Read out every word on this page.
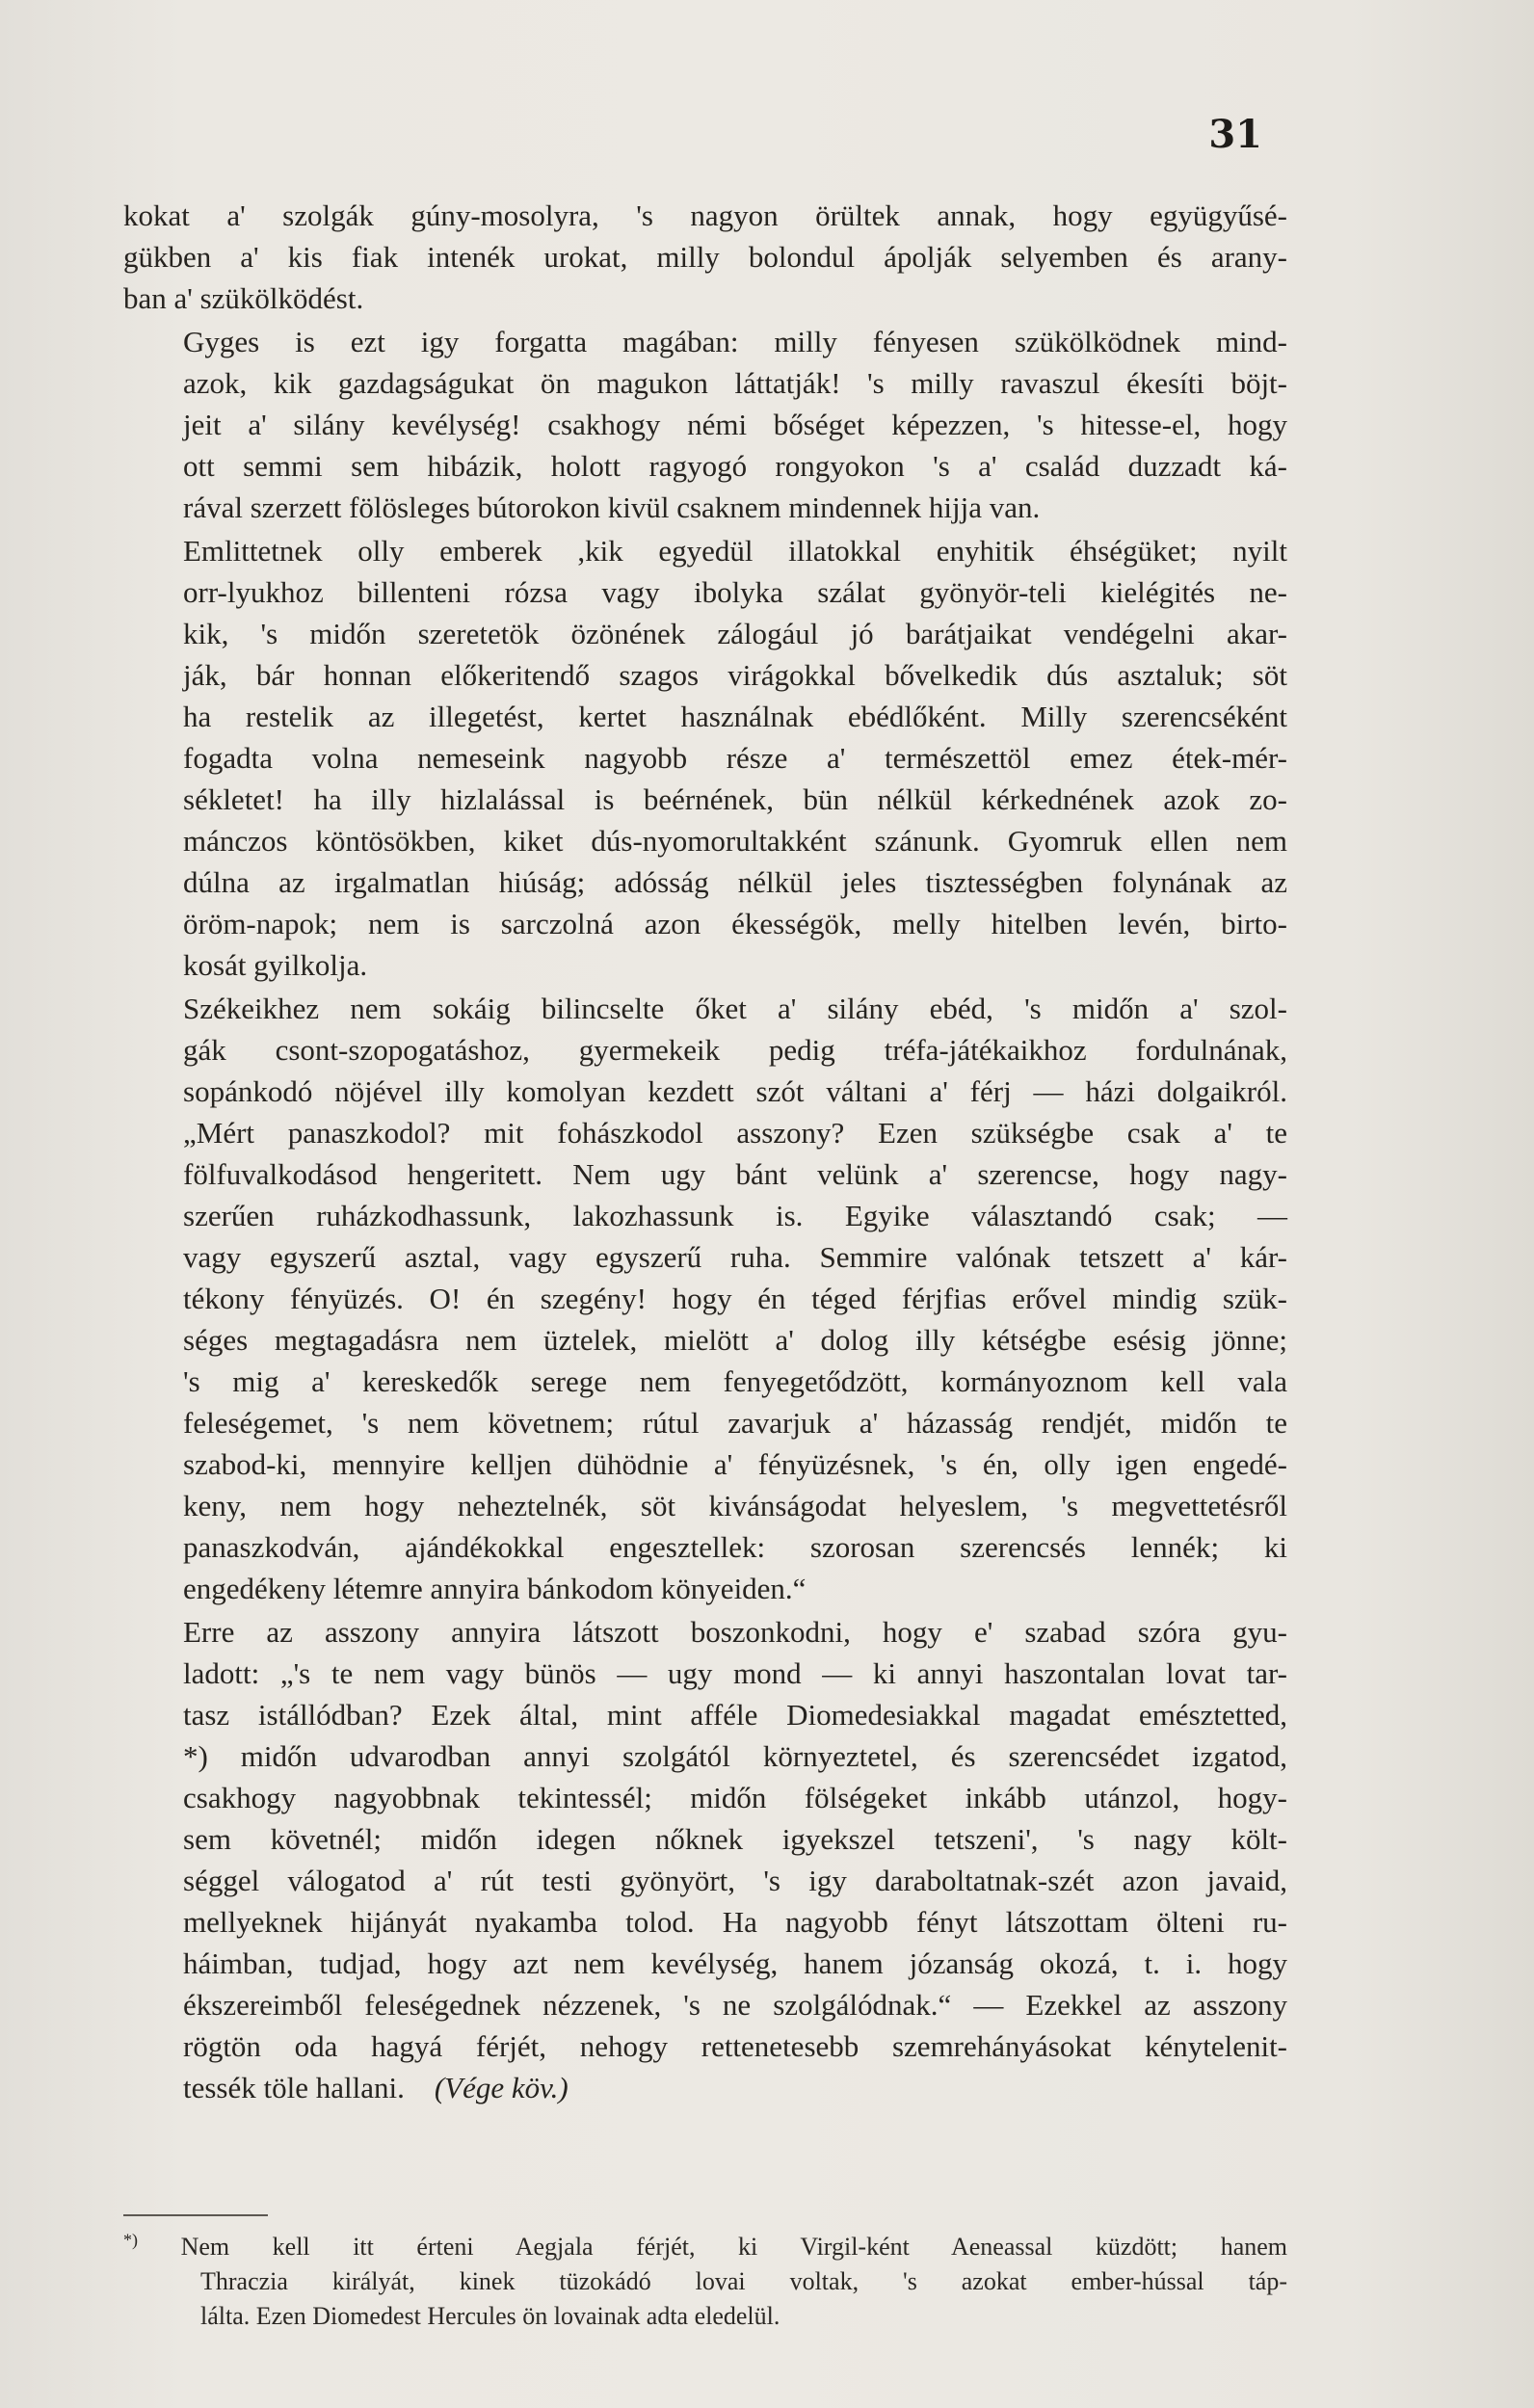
31
kokat a' szolgák gúny-mosolyra, 's nagyon örültek annak, hogy együgyűsé-
gükben a' kis fiak intenék urokat, milly bolondul ápolják selyemben és arany-
ban a' szükölködést.
Gyges is ezt igy forgatta magában: milly fényesen szükölködnek mind-
azok, kik gazdagságukat ön magukon láttatják! 's milly ravaszul ékesíti böjt-
jeit a' silány kevélység! csakhogy némi bőséget képezzen, 's hitesse-el, hogy
ott semmi sem hibázik, holott ragyogó rongyokon 's a' család duzzadt ká-
rával szerzett fölösleges bútorokon kivül csaknem mindennek hijja van.
Emlittetnek olly emberek ,kik egyedül illatokkal enyhitik éhségüket; nyilt
orr-lyukhoz billenteni rózsa vagy ibolyka szálat gyönyör-teli kielégités ne-
kik, 's midőn szeretetök özönének zálogául jó barátjaikat vendégelni akar-
ják, bár honnan előkeritendő szagos virágokkal bővelkedik dús asztaluk; söt
ha restelik az illegetést, kertet használnak ebédlőként. Milly szerencséként
fogadta volna nemeseink nagyobb része a' természettöl emez étek-mér-
sékletet! ha illy hizlalással is beérnének, bün nélkül kérkednének azok zo-
mánczos köntösökben, kiket dús-nyomorultakként szánunk. Gyomruk ellen nem
dúlna az irgalmatlan hiúság; adósság nélkül jeles tisztességben folynának az
öröm-napok; nem is sarczolná azon ékességök, melly hitelben levén, birto-
kosát gyilkolja.
Székeikhez nem sokáig bilincselte őket a' silány ebéd, 's midőn a' szol-
gák csont-szopogatáshoz, gyermekeik pedig tréfa-játékaikhoz fordulnának,
sopánkodó nöjével illy komolyan kezdett szót váltani a' férj — házi dolgaikról.
„Mért panaszkodol? mit fohászkodol asszony? Ezen szükségbe csak a' te
fölfuvalkodásod hengeritett. Nem ugy bánt velünk a' szerencse, hogy nagy-
szerűen ruházkodhassunk, lakozhassunk is. Egyike választandó csak; —
vagy egyszerű asztal, vagy egyszerű ruha. Semmire valónak tetszett a' kár-
tékony fényüzés. O! én szegény! hogy én téged férjfias erővel mindig szük-
séges megtagadásra nem üztelek, mielött a' dolog illy kétségbe esésig jönne;
's mig a' kereskedők serege nem fenyegetődzött, kormányoznom kell vala
feleségemet, 's nem követnem; rútul zavarjuk a' házasság rendjét, midőn te
szabod-ki, mennyire kelljen dühödnie a' fényüzésnek, 's én, olly igen engedé-
keny, nem hogy neheztelnék, söt kivánságodat helyeslem, 's megvettetésről
panaszkodván, ajándékokkal engesztellek: szorosan szerencsés lennék; ki
engedékeny létemre annyira bánkodom könyeiden.“
Erre az asszony annyira látszott boszonkodni, hogy e' szabad szóra gyu-
ladott: „'s te nem vagy bünös — ugy mond — ki annyi haszontalan lovat tar-
tasz istállódban? Ezek által, mint afféle Diomedesiakkal magadat emésztetted,
*) midőn udvarodban annyi szolgától környeztetel, és szerencsédet izgatod,
csakhogy nagyobbnak tekintessél; midőn fölségeket inkább utánzol, hogy-
sem követnél; midőn idegen nőknek igyekszel tetszeni', 's nagy költ-
séggel válogatod a' rút testi gyönyört, 's igy daraboltatnak-szét azon javaid,
mellyeknek hijányát nyakamba tolod. Ha nagyobb fényt látszottam ölteni ru-
háimban, tudjad, hogy azt nem kevélység, hanem józanság okozá, t. i. hogy
ékszereimből feleségednek nézzenek, 's ne szolgálódnak.“ — Ezekkel az asszony
rögtön oda hagyá férjét, nehogy rettenetesebb szemrehányásokat kénytelenit-
tessék töle hallani. (Vége köv.)
*) Nem kell itt érteni Aegjala férjét, ki Virgil-ként Aeneassal küzdött; hanem
Thraczia királyát, kinek tüzokádó lovai voltak, 's azokat ember-hússal táp-
lálta. Ezen Diomedest Hercules ön lovainak adta eledelül.
